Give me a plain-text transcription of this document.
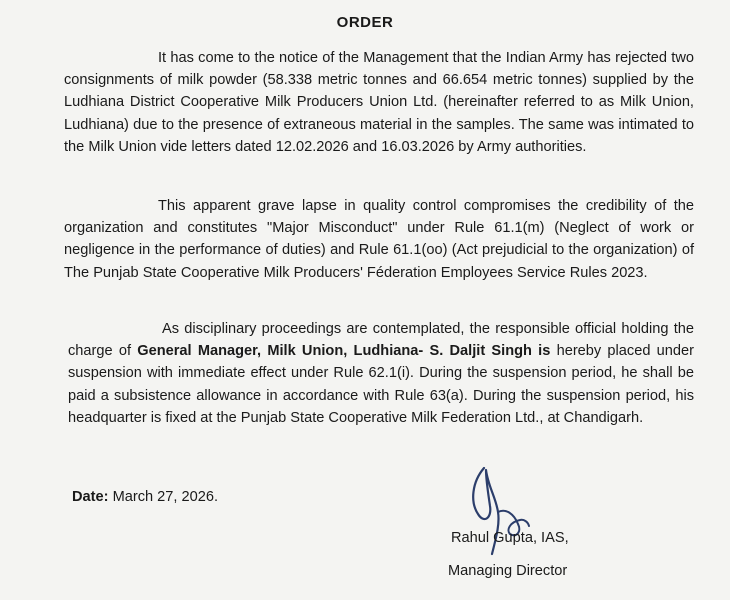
ORDER
It has come to the notice of the Management that the Indian Army has rejected two consignments of milk powder (58.338 metric tonnes and 66.654 metric tonnes) supplied by the Ludhiana District Cooperative Milk Producers Union Ltd. (hereinafter referred to as Milk Union, Ludhiana) due to the presence of extraneous material in the samples. The same was intimated to the Milk Union vide letters dated 12.02.2026 and 16.03.2026 by Army authorities.
This apparent grave lapse in quality control compromises the credibility of the organization and constitutes "Major Misconduct" under Rule 61.1(m) (Neglect of work or negligence in the performance of duties) and Rule 61.1(oo) (Act prejudicial to the organization) of The Punjab State Cooperative Milk Producers' Féderation Employees Service Rules 2023.
As disciplinary proceedings are contemplated, the responsible official holding the charge of General Manager, Milk Union, Ludhiana- S. Daljit Singh is hereby placed under suspension with immediate effect under Rule 62.1(i). During the suspension period, he shall be paid a subsistence allowance in accordance with Rule 63(a). During the suspension period, his headquarter is fixed at the Punjab State Cooperative Milk Federation Ltd., at Chandigarh.
Date: March 27, 2026.
Rahul Gupta, IAS,
Managing Director
